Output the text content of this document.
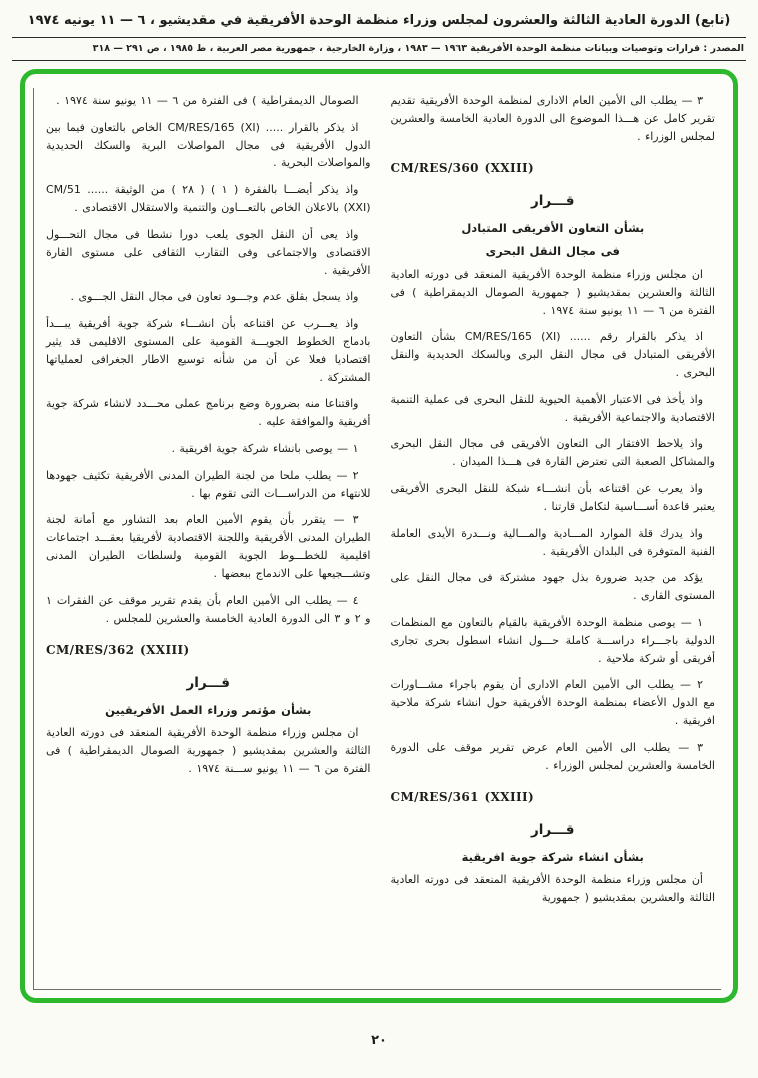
(تابع) الدورة العادية الثالثة والعشرون لمجلس وزراء منظمة الوحدة الأفريقية في مقديشيو ، ٦ — ١١ يونيه ١٩٧٤
المصدر : قرارات وتوصيات وبيانات منظمة الوحدة الأفريقية ١٩٦٣ — ١٩٨٣ ، وزارة الخارجية ، جمهورية مصر العربية ، ط ١٩٨٥ ، ص ٢٩١ — ٣١٨
٣ — يطلب الى الأمين العام الادارى لمنظمة الوحدة الأفريقية تقديم تقرير كامل عن هـــذا الموضوع الى الدورة العادية الخامسة والعشرين لمجلس الوزراء .
CM/RES/360 (XXIII)
قـــرار
بشأن التعاون الأفريقى المتبادل
فى مجال النقل البحرى
ان مجلس وزراء منظمة الوحدة الأفريقية المنعقد فى دورته العادية الثالثة والعشرين بمقديشيو ( جمهورية الصومال الديمقراطية ) فى الفترة من ٦ — ١١ يونيو سنة ١٩٧٤ .
اذ يذكر بالقرار رقم ...... CM/RES/165 (XI) بشأن التعاون الأفريقى المتبادل فى مجال النقل البرى وبالسكك الحديدية والنقل البحرى .
واذ يأخذ فى الاعتبار الأهمية الحيوية للنقل البحرى فى عملية التنمية الاقتصادية والاجتماعية الأفريقية .
واذ يلاحظ الافتقار الى التعاون الأفريقى فى مجال النقل البحرى والمشاكل الصعبة التى تعترض القارة فى هـــذا الميدان .
واذ يعرب عن اقتناعه بأن انشـــاء شبكة للنقل البحرى الأفريقى يعتبر قاعدة أســـاسية لتكامل قارتنا .
واذ يدرك قلة الموارد المـــادية والمـــالية ونـــدرة الأيدى العاملة الفنية المتوفرة فى البلدان الأفريقية .
يؤكد من جديد ضرورة بذل جهود مشتركة فى مجال النقل على المستوى القارى .
١ — يوصى منظمة الوحدة الأفريقية بالقيام بالتعاون مع المنظمات الدولية باجـــراء دراســـة كاملة حـــول انشاء اسطول بحرى تجارى أفريقى أو شركة ملاحية .
٢ — يطلب الى الأمين العام الادارى أن يقوم باجراء مشـــاورات مع الدول الأعضاء بمنظمة الوحدة الأفريقية حول انشاء شركة ملاحية افريقية .
٣ — يطلب الى الأمين العام عرض تقرير موقف على الدورة الخامسة والعشرين لمجلس الوزراء .
CM/RES/361 (XXIII)
قـــرار
بشأن انشاء شركة جوية افريقية
أن مجلس وزراء منظمة الوحدة الأفريقية المنعقد فى دورته العادية الثالثة والعشرين بمقديشيو ( جمهورية
الصومال الديمقراطية ) فى الفترة من ٦ — ١١ يونيو سنة ١٩٧٤ .
اذ يذكر بالقرار ..... CM/RES/165 (XI) الخاص بالتعاون فيما بين الدول الأفريقية فى مجال المواصلات البرية والسكك الحديدية والمواصلات البحرية .
واذ يذكر أيضـــا بالفقرة ( ١ ) ( ٢٨ ) من الوثيقة ...... CM/51 (XXI) بالاعلان الخاص بالتعـــاون والتنمية والاستقلال الاقتصادى .
واذ يعى أن النقل الجوى يلعب دورا نشطا فى مجال التحـــول الاقتصادى والاجتماعى وفى التقارب الثقافى على مستوى القارة الأفريقية .
واذ يسجل بقلق عدم وجـــود تعاون فى مجال النقل الجـــوى .
واذ يعـــرب عن اقتناعه بأن انشـــاء شركة جوية أفريقية يبـــدأ بادماج الخطوط الجويـــة القومية على المستوى الاقليمى قد يثير اقتصاديا فعلا عن أن من شأنه توسيع الاطار الجغرافى لعملياتها المشتركة .
واقتناعا منه بضرورة وضع برنامج عملى محـــدد لانشاء شركة جوية أفريقية والموافقة عليه .
١ — يوصى بانشاء شركة جوية افريقية .
٢ — يطلب ملحا من لجنة الطيران المدنى الأفريقية تكثيف جهودها للانتهاء من الدراســـات التى تقوم بها .
٣ — يتقرر بأن يقوم الأمين العام بعد التشاور مع أمانة لجنة الطيران المدنى الأفريقية واللجنة الاقتصادية لأفريقيا بعقـــد اجتماعات اقليمية للخطـــوط الجوية القومية ولسلطات الطيران المدنى وتشـــجيعها على الاندماج ببعضها .
٤ — يطلب الى الأمين العام بأن يقدم تقرير موقف عن الفقرات ١ و ٢ و ٣ الى الدورة العادية الخامسة والعشرين للمجلس .
CM/RES/362 (XXIII)
قـــرار
بشأن مؤتمر وزراء العمل الأفريقيين
ان مجلس وزراء منظمة الوحدة الأفريقية المنعقد فى دورته العادية الثالثة والعشرين بمقديشيو ( جمهورية الصومال الديمقراطية ) فى الفترة من ٦ — ١١ يونيو ســـنة ١٩٧٤ .
٢٠
